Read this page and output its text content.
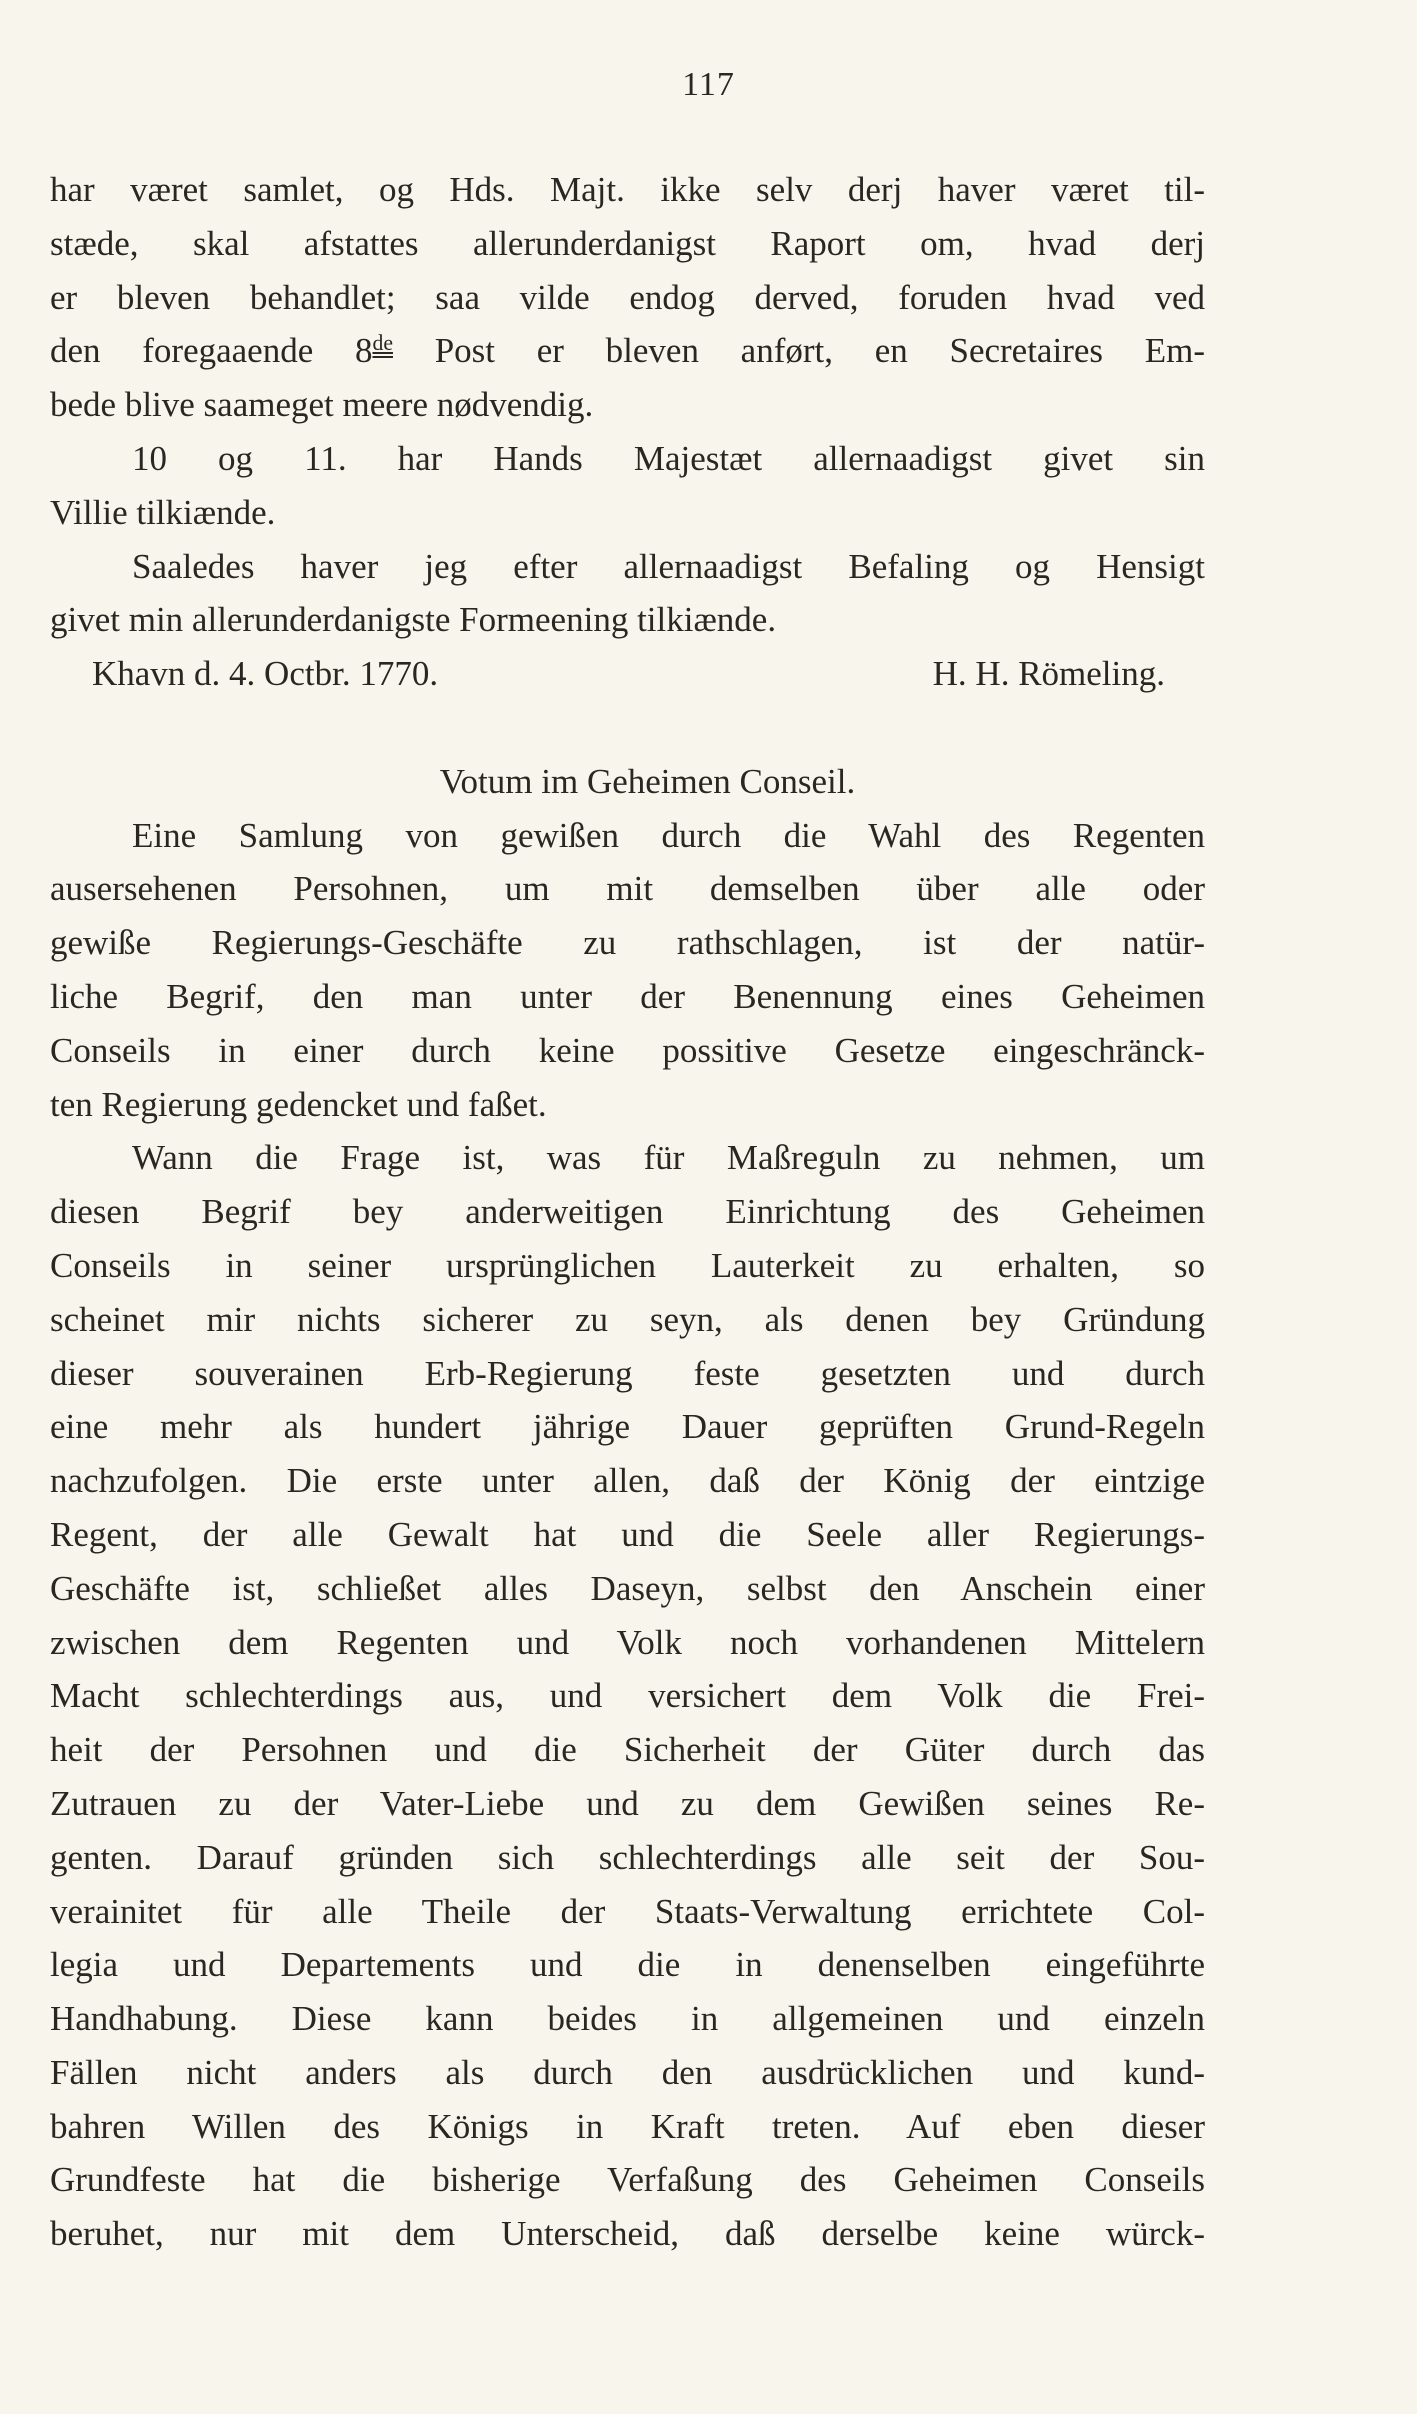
117
har været samlet, og Hds. Majt. ikke selv derj haver været til-
stæde, skal afstattes allerunderdanigst Raport om, hvad derj
er bleven behandlet; saa vilde endog derved, foruden hvad ved
den foregaaende 8de Post er bleven anført, en Secretaires Em-
bede blive saameget meere nødvendig.
10 og 11. har Hands Majestæt allernaadigst givet sin
Villie tilkiænde.
Saaledes haver jeg efter allernaadigst Befaling og Hensigt
givet min allerunderdanigste Formeening tilkiænde.
Khavn d. 4. Octbr. 1770.	H. H. Römeling.
Votum im Geheimen Conseil.
Eine Samlung von gewißen durch die Wahl des Regenten
ausersehenen Persohnen, um mit demselben über alle oder
gewiße Regierungs-Geschäfte zu rathschlagen, ist der natür-
liche Begrif, den man unter der Benennung eines Geheimen
Conseils in einer durch keine possitive Gesetze eingeschränck-
ten Regierung gedencket und faßet.
Wann die Frage ist, was für Maßreguln zu nehmen, um
diesen Begrif bey anderweitigen Einrichtung des Geheimen
Conseils in seiner ursprünglichen Lauterkeit zu erhalten, so
scheinet mir nichts sicherer zu seyn, als denen bey Gründung
dieser souverainen Erb-Regierung feste gesetzten und durch
eine mehr als hundert jährige Dauer geprüften Grund-Regeln
nachzufolgen. Die erste unter allen, daß der König der eintzige
Regent, der alle Gewalt hat und die Seele aller Regierungs-
Geschäfte ist, schließet alles Daseyn, selbst den Anschein einer
zwischen dem Regenten und Volk noch vorhandenen Mittelern
Macht schlechterdings aus, und versichert dem Volk die Frei-
heit der Persohnen und die Sicherheit der Güter durch das
Zutrauen zu der Vater-Liebe und zu dem Gewißen seines Re-
genten. Darauf gründen sich schlechterdings alle seit der Sou-
verainitet für alle Theile der Staats-Verwaltung errichtete Col-
legia und Departements und die in denenselben eingeführte
Handhabung. Diese kann beides in allgemeinen und einzeln
Fällen nicht anders als durch den ausdrücklichen und kund-
bahren Willen des Königs in Kraft treten. Auf eben dieser
Grundfeste hat die bisherige Verfaßung des Geheimen Conseils
beruhet, nur mit dem Unterscheid, daß derselbe keine würck-
